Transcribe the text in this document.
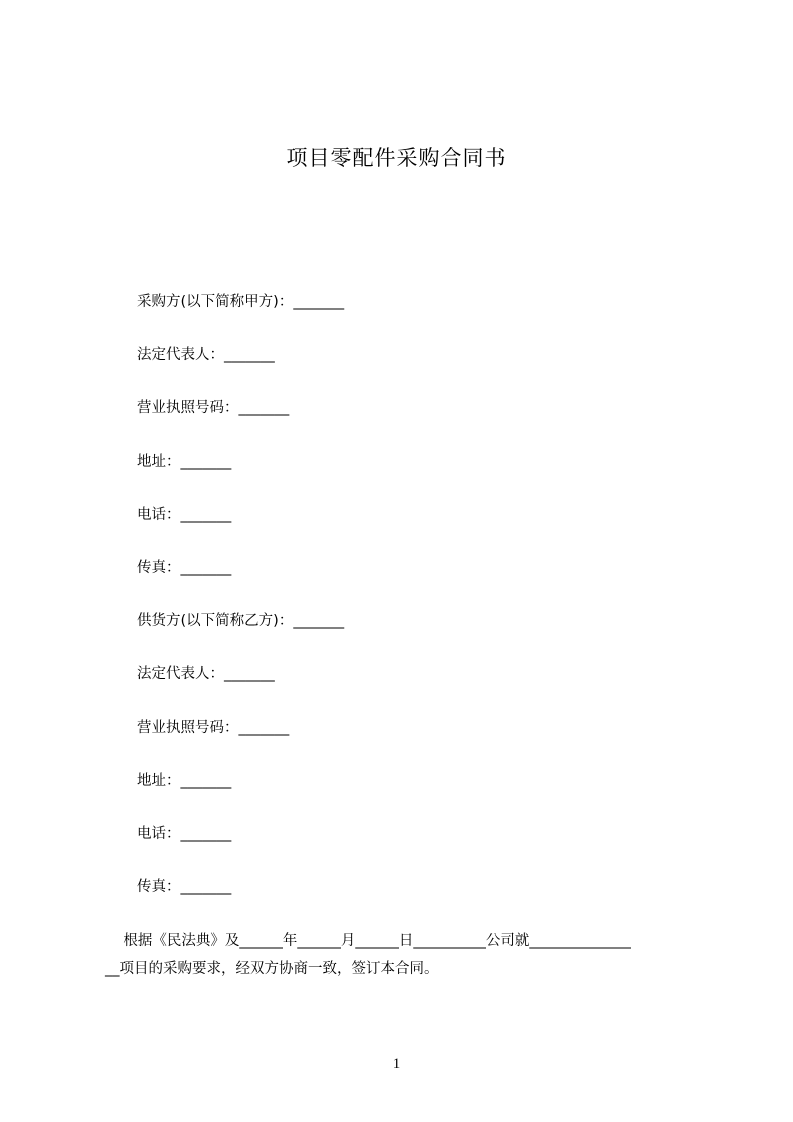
项目零配件采购合同书
采购方(以下简称甲方)：_______
法定代表人：_______
营业执照号码：_______
地址：_______
电话：_______
传真：_______
供货方(以下简称乙方)：_______
法定代表人：_______
营业执照号码：_______
地址：_______
电话：_______
传真：_______
根据《民法典》及______年______月______日__________公司就______________
__项目的采购要求，经双方协商一致，签订本合同。
1
